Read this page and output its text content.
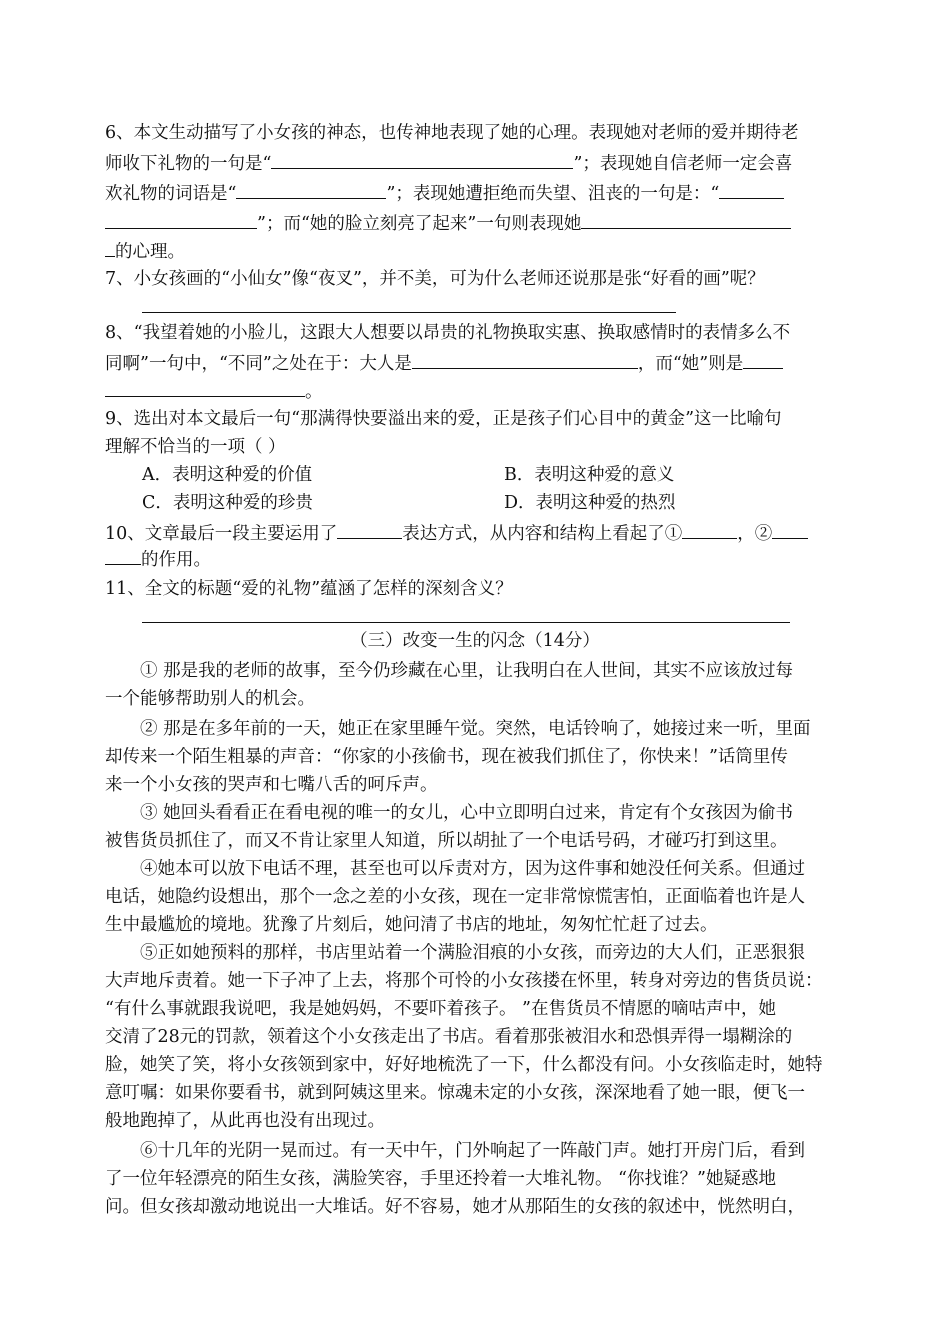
6、本文生动描写了小女孩的神态，也传神地表现了她的心理。表现她对老师的爱并期待老
师收下礼物的一句是“	”；表现她自信老师一定会喜
欢礼物的词语是“	”；表现她遭拒绝而失望、沮丧的一句是：“
”；而“她的脸立刻亮了起来”一句则表现她
的心理。
7、小女孩画的“小仙女”像“夜叉”，并不美，可为什么老师还说那是张“好看的画”呢？
8、“我望着她的小脸儿，这跟大人想要以昂贵的礼物换取实惠、换取感情时的表情多么不
同啊”一句中，“不同”之处在于：大人是	，而“她”则是
。
9、选出对本文最后一句“那满得快要溢出来的爱，正是孩子们心目中的黄金”这一比喻句
理解不恰当的一项（ ）
A．表明这种爱的价值	B．表明这种爱的意义
C．表明这种爱的珍贵	D．表明这种爱的热烈
10、文章最后一段主要运用了	表达方式，从内容和结构上看起了①	，②
的作用。
11、全文的标题“爱的礼物”蕴涵了怎样的深刻含义？
（三）改变一生的闪念（14分）
① 那是我的老师的故事，至今仍珍藏在心里，让我明白在人世间，其实不应该放过每
一个能够帮助别人的机会。
② 那是在多年前的一天，她正在家里睡午觉。突然，电话铃响了，她接过来一听，里面
却传来一个陌生粗暴的声音：“你家的小孩偷书，现在被我们抓住了，你快来！”话筒里传
来一个小女孩的哭声和七嘴八舌的呵斥声。
③ 她回头看看正在看电视的唯一的女儿，心中立即明白过来，肯定有个女孩因为偷书
被售货员抓住了，而又不肯让家里人知道，所以胡扯了一个电话号码，才碰巧打到这里。
④她本可以放下电话不理，甚至也可以斥责对方，因为这件事和她没任何关系。但通过
电话，她隐约设想出，那个一念之差的小女孩，现在一定非常惊慌害怕，正面临着也许是人
生中最尴尬的境地。犹豫了片刻后，她问清了书店的地址，匆匆忙忙赶了过去。
⑤正如她预料的那样，书店里站着一个满脸泪痕的小女孩，而旁边的大人们，正恶狠狠
大声地斥责着。她一下子冲了上去，将那个可怜的小女孩搂在怀里，转身对旁边的售货员说：
“有什么事就跟我说吧，我是她妈妈，不要吓着孩子。 ”在售货员不情愿的嘀咕声中，她
交清了28元的罚款，领着这个小女孩走出了书店。看着那张被泪水和恐惧弄得一塌糊涂的
脸，她笑了笑，将小女孩领到家中，好好地梳洗了一下，什么都没有问。小女孩临走时，她特
意叮嘱：如果你要看书，就到阿姨这里来。惊魂未定的小女孩，深深地看了她一眼，便飞一
般地跑掉了，从此再也没有出现过。
⑥十几年的光阴一晃而过。有一天中午，门外响起了一阵敲门声。她打开房门后，看到
了一位年轻漂亮的陌生女孩，满脸笑容，手里还拎着一大堆礼物。 “你找谁？”她疑惑地
问。但女孩却激动地说出一大堆话。好不容易，她才从那陌生的女孩的叙述中，恍然明白，
